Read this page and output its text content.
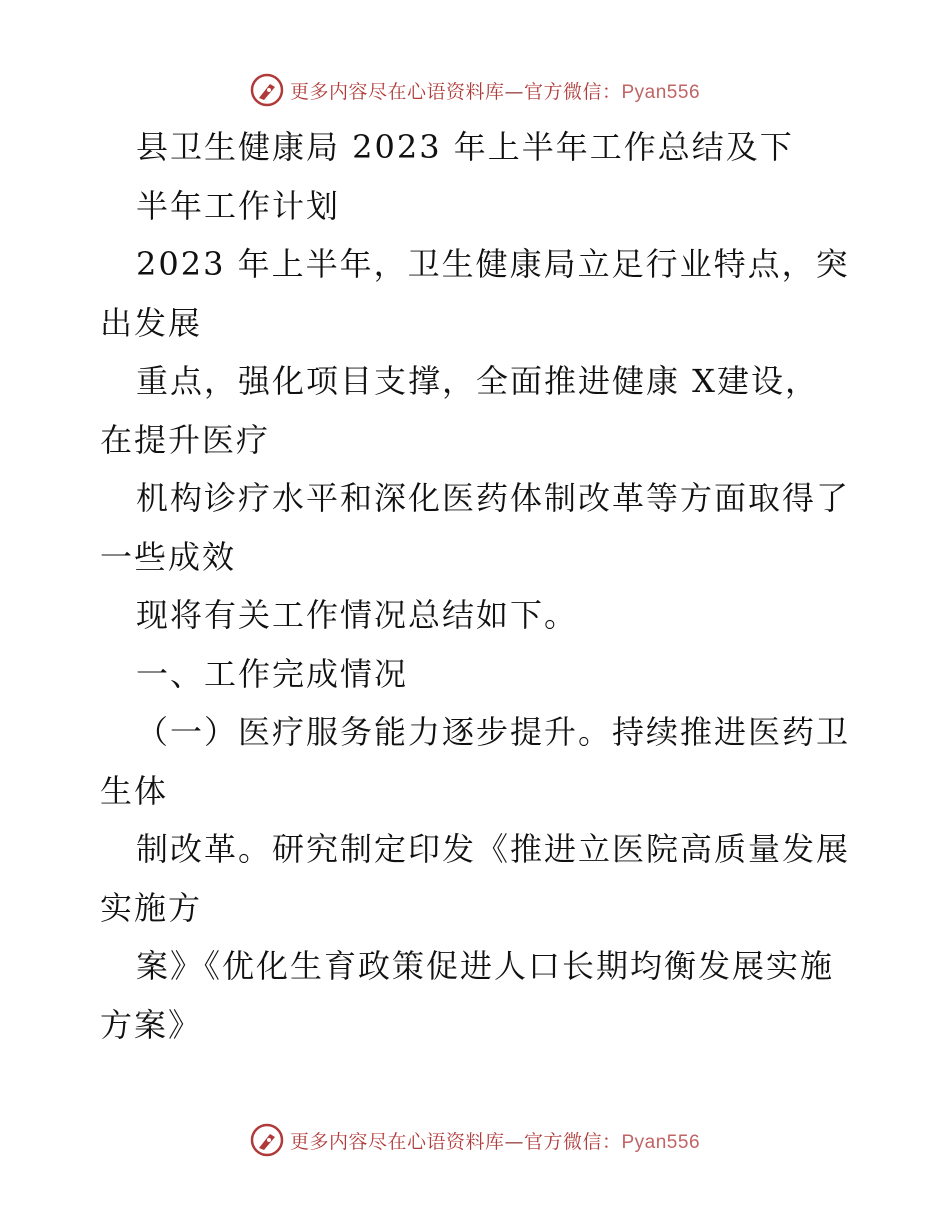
更多内容尽在心语资料库—官方微信：Pyan556
县卫生健康局 2023 年上半年工作总结及下
半年工作计划
2023 年上半年，卫生健康局立足行业特点，突
出发展
重点，强化项目支撑，全面推进健康 X建设，
在提升医疗
机构诊疗水平和深化医药体制改革等方面取得了
一些成效
现将有关工作情况总结如下。
一、工作完成情况
（一）医疗服务能力逐步提升。持续推进医药卫
生体
制改革。研究制定印发《推进立医院高质量发展
实施方
案》《优化生育政策促进人口长期均衡发展实施
方案》
更多内容尽在心语资料库—官方微信：Pyan556
